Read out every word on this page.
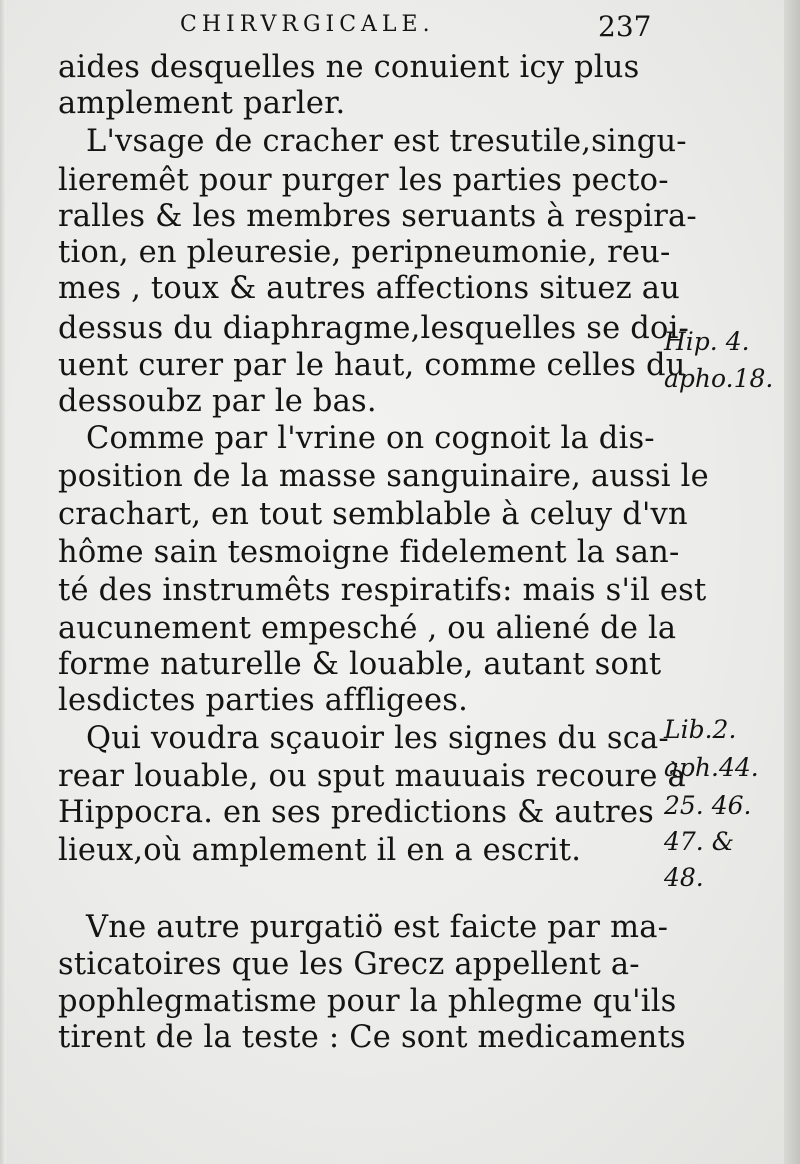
CHIRVRGICALE.	237
aides desquelles ne conuient icy plus
amplement parler.
L'vsage de cracher est tresutile,singu-
lieremêt pour purger les parties pecto-
ralles & les membres seruants à respira-
tion, en pleuresie, peripneumonie, reu-
mes , toux & autres affections situez au
dessus du diaphragme,lesquelles se doi-
uent curer par le haut, comme celles du
dessoubz par le bas.
Comme par l'vrine on cognoit la dis-
position de la masse sanguinaire, aussi le
crachart, en tout semblable à celuy d'vn
hôme sain tesmoigne fidelement la san-
té des instrumêts respiratifs: mais s'il est
aucunement empesché , ou aliené de la
forme naturelle & louable, autant sont
lesdictes parties affligees.
Qui voudra sçauoir les signes du sca-
rear louable, ou sput mauuais recoure à
Hippocra. en ses predictions & autres
lieux,où amplement il en a escrit.
Vne autre purgatiö est faicte par ma-
sticatoires que les Grecz appellent a-
pophlegmatisme pour la phlegme qu'ils
tirent de la teste : Ce sont medicaments
Hip. 4.
apho.18.
Lib.2.
aph.44.
25. 46.
47. &
48.
